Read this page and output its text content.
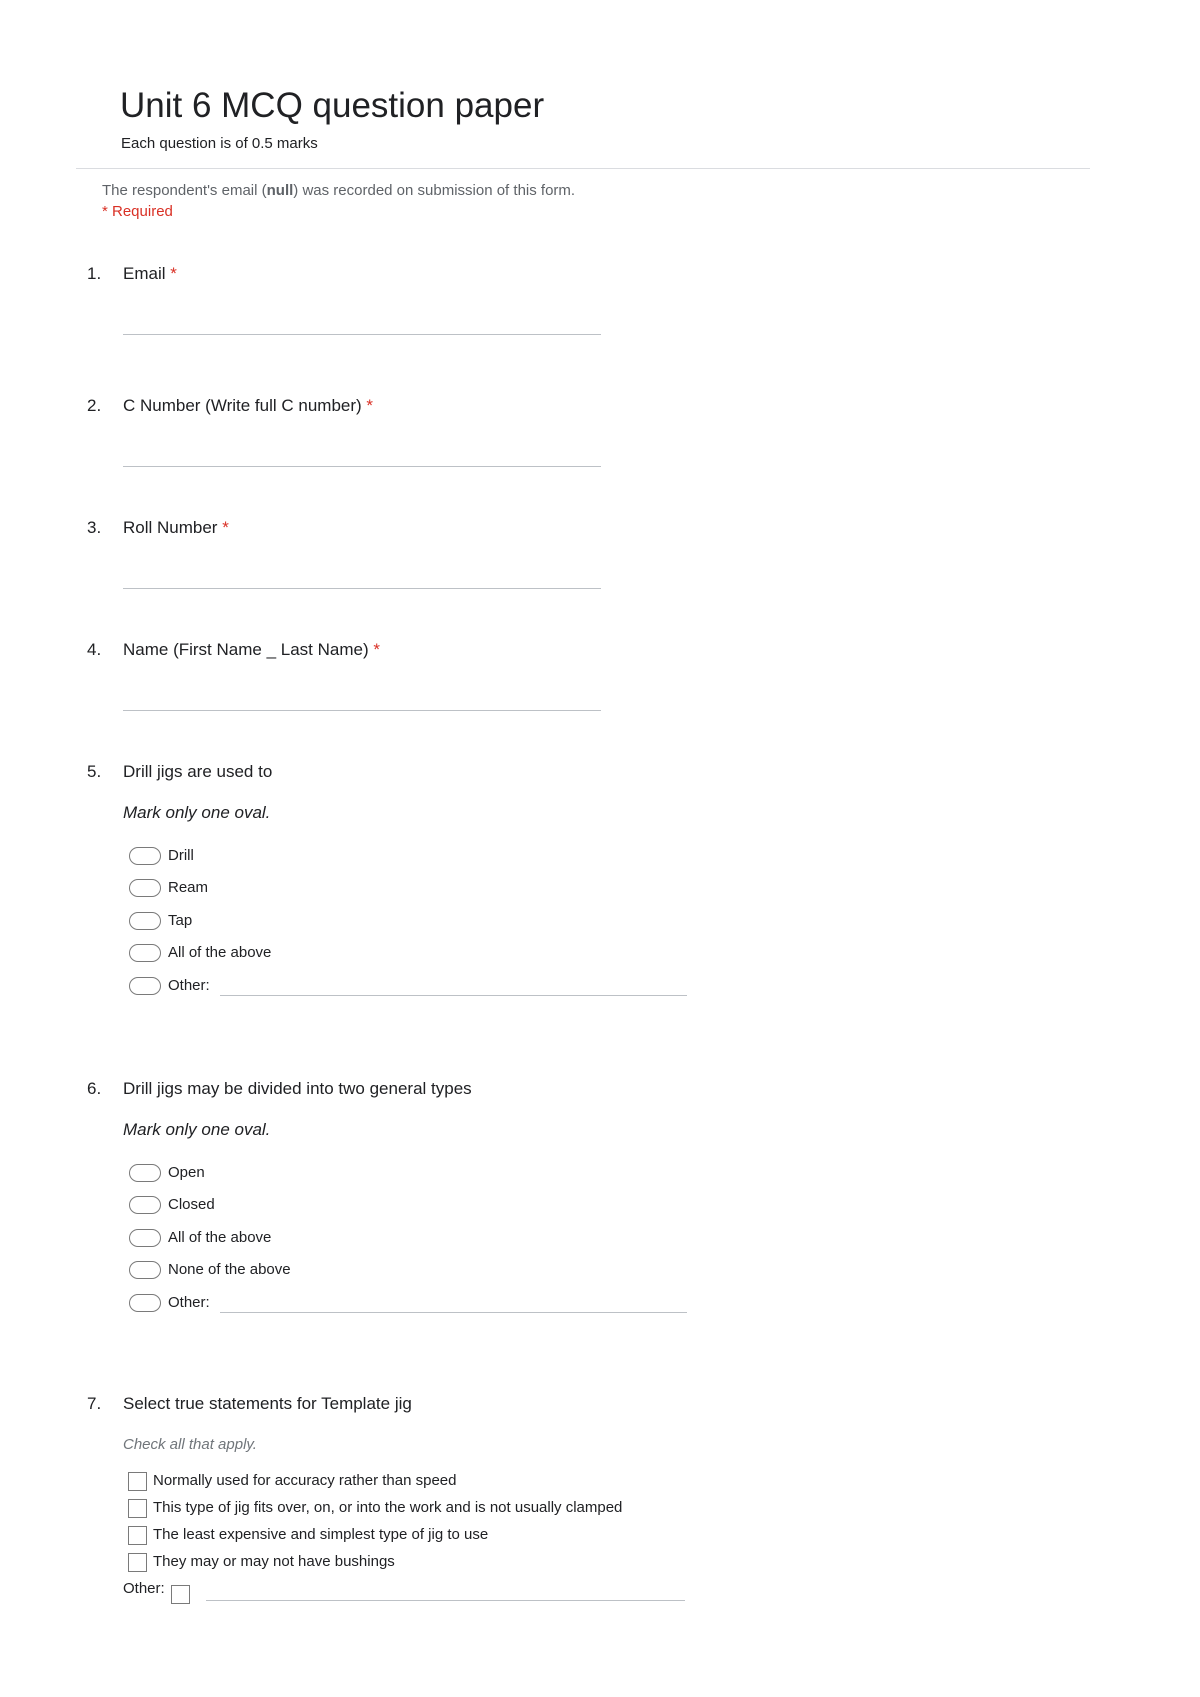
Unit 6 MCQ question paper
Each question is of 0.5 marks
The respondent's email (null) was recorded on submission of this form.
* Required
1. Email *
2. C Number (Write full C number) *
3. Roll Number *
4. Name (First Name _ Last Name) *
5. Drill jigs are used to
Mark only one oval.
Drill
Ream
Tap
All of the above
Other:
6. Drill jigs may be divided into two general types
Mark only one oval.
Open
Closed
All of the above
None of the above
Other:
7. Select true statements for Template jig
Check all that apply.
Normally used for accuracy rather than speed
This type of jig fits over, on, or into the work and is not usually clamped
The least expensive and simplest type of jig to use
They may or may not have bushings
Other:
